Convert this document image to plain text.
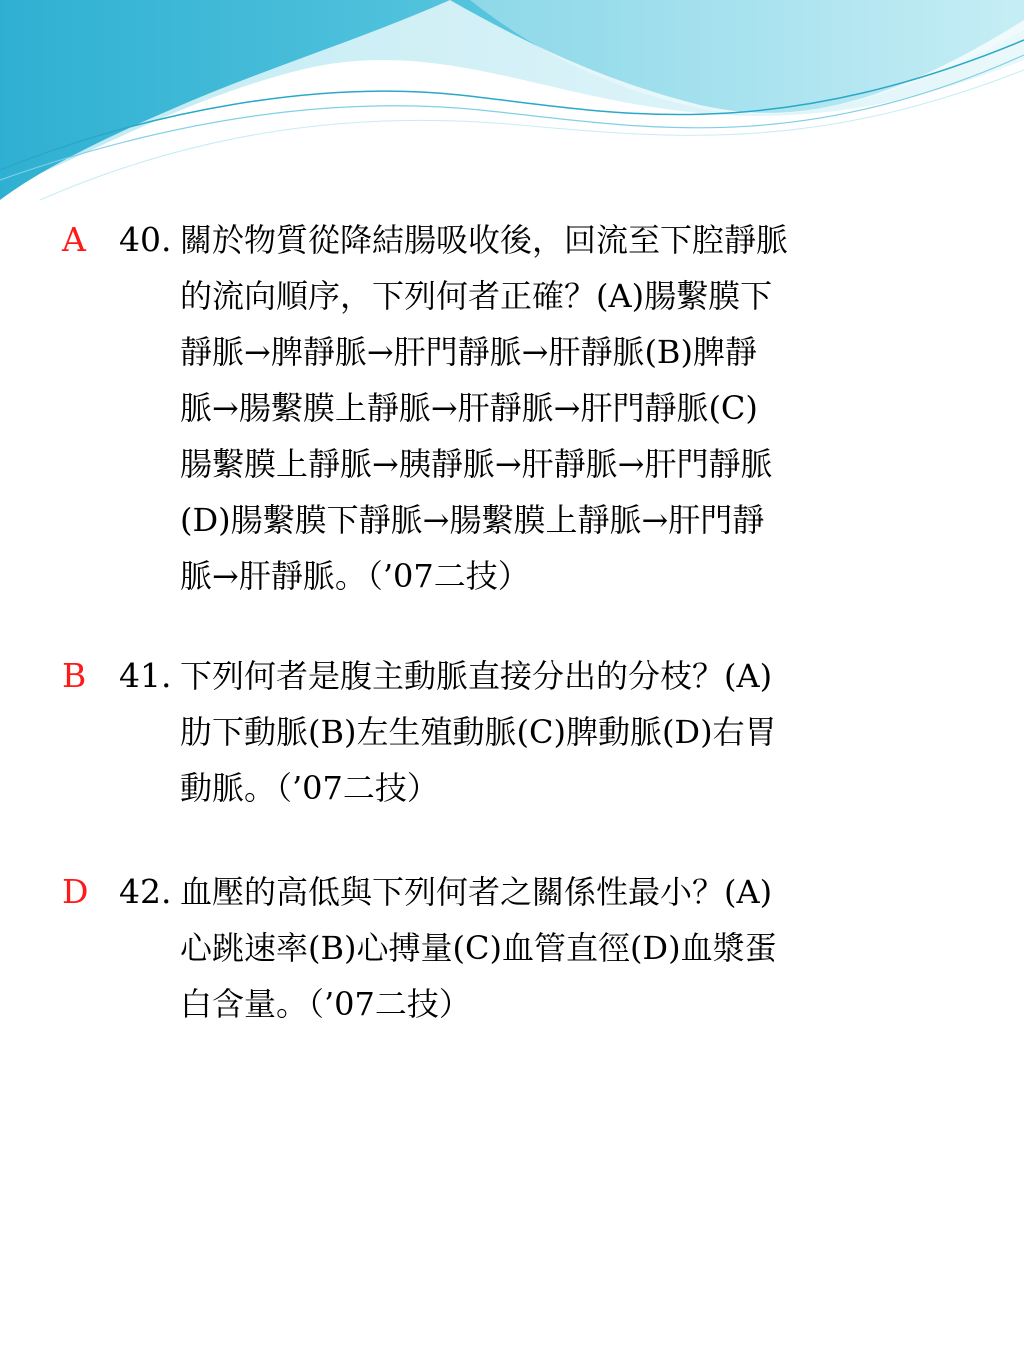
A 40. 關於物質從降結腸吸收後，回流至下腔靜脈
的流向順序，下列何者正確？(A)腸繫膜下
靜脈→脾靜脈→肝門靜脈→肝靜脈(B)脾靜
脈→腸繫膜上靜脈→肝靜脈→肝門靜脈(C)
腸繫膜上靜脈→胰靜脈→肝靜脈→肝門靜脈
(D)腸繫膜下靜脈→腸繫膜上靜脈→肝門靜
脈→肝靜脈。（’07二技）

B 41. 下列何者是腹主動脈直接分出的分枝？(A)
肋下動脈(B)左生殖動脈(C)脾動脈(D)右胃
動脈。（’07二技）

D 42. 血壓的高低與下列何者之關係性最小？(A)
心跳速率(B)心搏量(C)血管直徑(D)血漿蛋
白含量。（’07二技）
